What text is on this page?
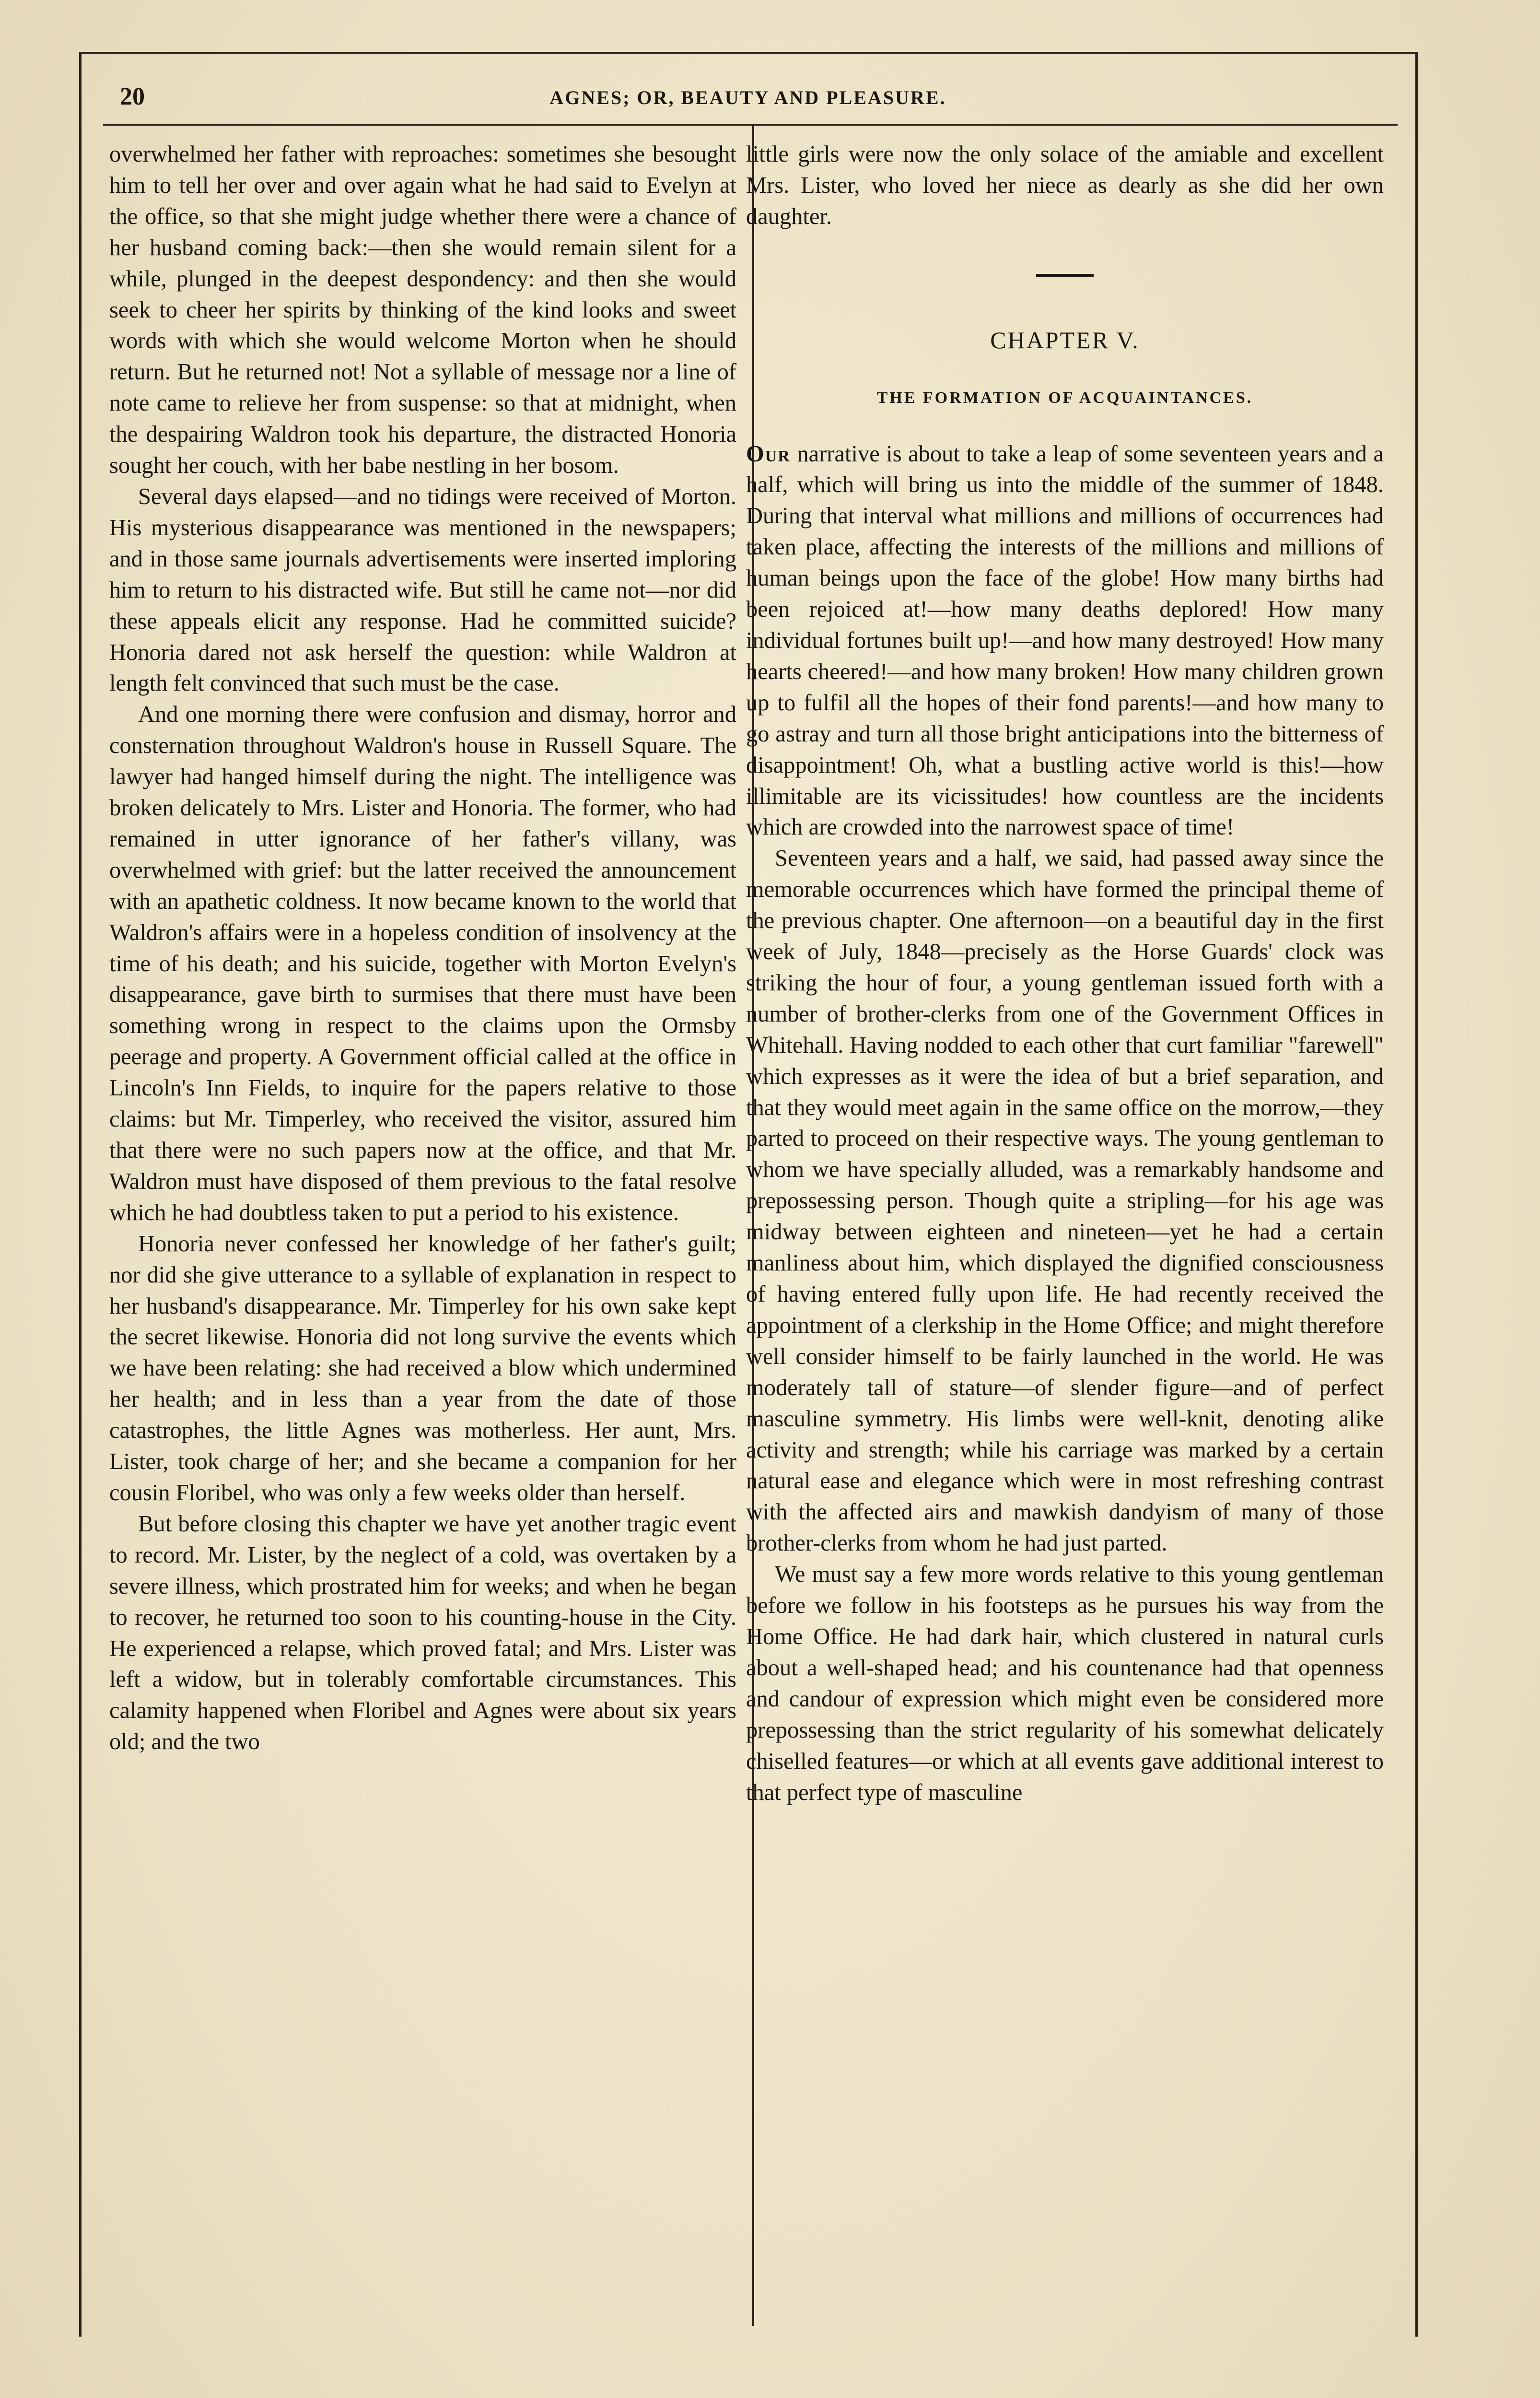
20	AGNES; OR, BEAUTY AND PLEASURE.

overwhelmed her father with reproaches: sometimes she besought him to tell her over and over again what he had said to Evelyn at the office, so that she might judge whether there were a chance of her husband coming back:—then she would remain silent for a while, plunged in the deepest despondency: and then she would seek to cheer her spirits by thinking of the kind looks and sweet words with which she would welcome Morton when he should return. But he returned not! Not a syllable of message nor a line of note came to relieve her from suspense: so that at midnight, when the despairing Waldron took his departure, the distracted Honoria sought her couch, with her babe nestling in her bosom.

Several days elapsed—and no tidings were received of Morton. His mysterious disappearance was mentioned in the newspapers; and in those same journals advertisements were inserted imploring him to return to his distracted wife. But still he came not—nor did these appeals elicit any response. Had he committed suicide? Honoria dared not ask herself the question: while Waldron at length felt convinced that such must be the case.

And one morning there were confusion and dismay, horror and consternation throughout Waldron's house in Russell Square. The lawyer had hanged himself during the night. The intelligence was broken delicately to Mrs. Lister and Honoria. The former, who had remained in utter ignorance of her father's villany, was overwhelmed with grief: but the latter received the announcement with an apathetic coldness. It now became known to the world that Waldron's affairs were in a hopeless condition of insolvency at the time of his death; and his suicide, together with Morton Evelyn's disappearance, gave birth to surmises that there must have been something wrong in respect to the claims upon the Ormsby peerage and property. A Government official called at the office in Lincoln's Inn Fields, to inquire for the papers relative to those claims: but Mr. Timperley, who received the visitor, assured him that there were no such papers now at the office, and that Mr. Waldron must have disposed of them previous to the fatal resolve which he had doubtless taken to put a period to his existence.

Honoria never confessed her knowledge of her father's guilt; nor did she give utterance to a syllable of explanation in respect to her husband's disappearance. Mr. Timperley for his own sake kept the secret likewise. Honoria did not long survive the events which we have been relating: she had received a blow which undermined her health; and in less than a year from the date of those catastrophes, the little Agnes was motherless. Her aunt, Mrs. Lister, took charge of her; and she became a companion for her cousin Floribel, who was only a few weeks older than herself.

But before closing this chapter we have yet another tragic event to record. Mr. Lister, by the neglect of a cold, was overtaken by a severe illness, which prostrated him for weeks; and when he began to recover, he returned too soon to his counting-house in the City. He experienced a relapse, which proved fatal; and Mrs. Lister was left a widow, but in tolerably comfortable circumstances. This calamity happened when Floribel and Agnes were about six years old; and the two

little girls were now the only solace of the amiable and excellent Mrs. Lister, who loved her niece as dearly as she did her own daughter.

CHAPTER V.
THE FORMATION OF ACQUAINTANCES.

Our narrative is about to take a leap of some seventeen years and a half, which will bring us into the middle of the summer of 1848. During that interval what millions and millions of occurrences had taken place, affecting the interests of the millions and millions of human beings upon the face of the globe! How many births had been rejoiced at!—how many deaths deplored! How many individual fortunes built up!—and how many destroyed! How many hearts cheered!—and how many broken! How many children grown up to fulfil all the hopes of their fond parents!—and how many to go astray and turn all those bright anticipations into the bitterness of disappointment! Oh, what a bustling active world is this!—how illimitable are its vicissitudes! how countless are the incidents which are crowded into the narrowest space of time!

Seventeen years and a half, we said, had passed away since the memorable occurrences which have formed the principal theme of the previous chapter. One afternoon—on a beautiful day in the first week of July, 1848—precisely as the Horse Guards' clock was striking the hour of four, a young gentleman issued forth with a number of brother-clerks from one of the Government Offices in Whitehall. Having nodded to each other that curt familiar "farewell" which expresses as it were the idea of but a brief separation, and that they would meet again in the same office on the morrow,—they parted to proceed on their respective ways. The young gentleman to whom we have specially alluded, was a remarkably handsome and prepossessing person. Though quite a stripling—for his age was midway between eighteen and nineteen—yet he had a certain manliness about him, which displayed the dignified consciousness of having entered fully upon life. He had recently received the appointment of a clerkship in the Home Office; and might therefore well consider himself to be fairly launched in the world. He was moderately tall of stature—of slender figure—and of perfect masculine symmetry. His limbs were well-knit, denoting alike activity and strength; while his carriage was marked by a certain natural ease and elegance which were in most refreshing contrast with the affected airs and mawkish dandyism of many of those brother-clerks from whom he had just parted.

We must say a few more words relative to this young gentleman before we follow in his footsteps as he pursues his way from the Home Office. He had dark hair, which clustered in natural curls about a well-shaped head; and his countenance had that openness and candour of expression which might even be considered more prepossessing than the strict regularity of his somewhat delicately chiselled features—or which at all events gave additional interest to that perfect type of masculine
